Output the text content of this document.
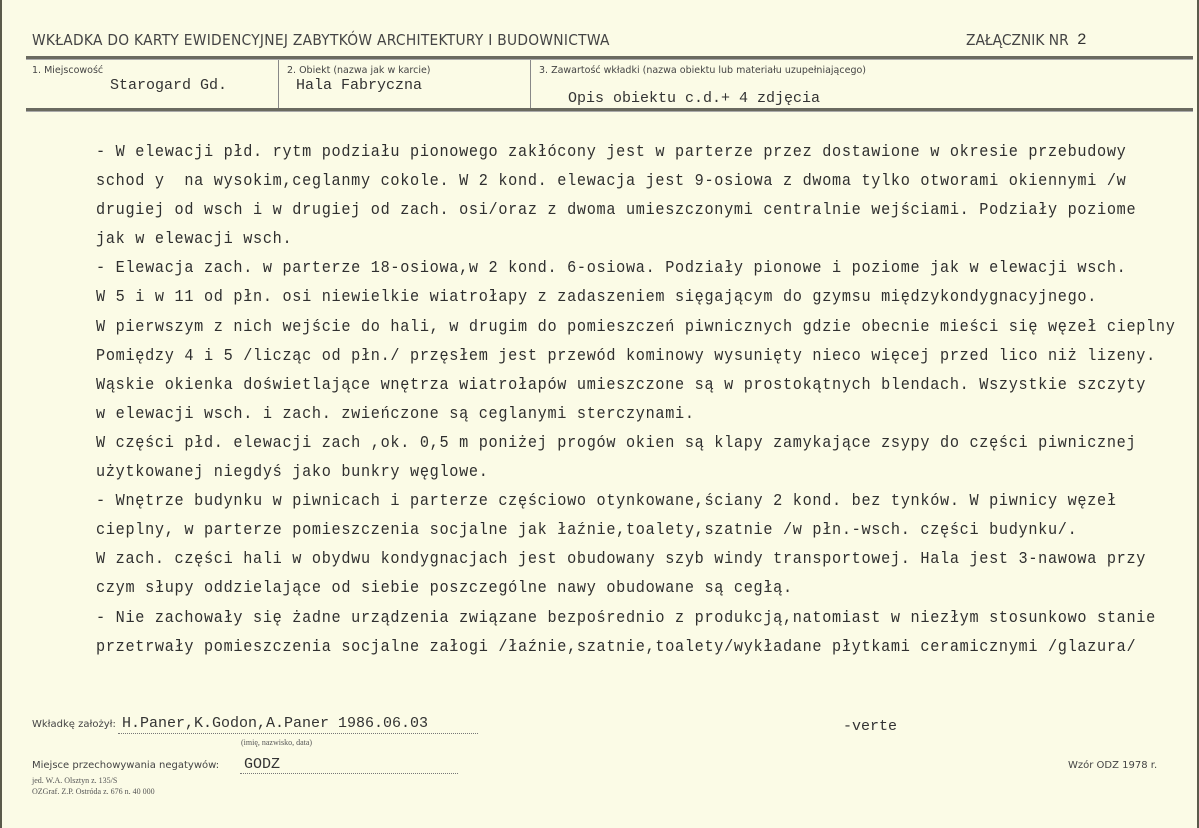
WKŁADKA DO KARTY EWIDENCYJNEJ ZABYTKÓW ARCHITEKTURY I BUDOWNICTWA	ZAŁĄCZNIK NR 2
1. Miejscowość
Starogard Gd.
2. Obiekt (nazwa jak w karcie)
Hala Fabryczna
3. Zawartość wkładki (nazwa obiektu lub materiału uzupełniającego)
Opis obiektu c.d.+ 4 zdjęcia
- W elewacji płd. rytm podziału pionowego zakłócony jest w parterze przez dostawione w okresie przebudowy
schod y  na wysokim,ceglanmy cokole. W 2 kond. elewacja jest 9-osiowa z dwoma tylko otworami okiennymi /w
drugiej od wsch i w drugiej od zach. osi/oraz z dwoma umieszczonymi centralnie wejściami. Podziały poziome
jak w elewacji wsch.
- Elewacja zach. w parterze 18-osiowa,w 2 kond. 6-osiowa. Podziały pionowe i poziome jak w elewacji wsch.
W 5 i w 11 od płn. osi niewielkie wiatrołapy z zadaszeniem sięgającym do gzymsu międzykondygnacyjnego.
W pierwszym z nich wejście do hali, w drugim do pomieszczeń piwnicznych gdzie obecnie mieści się węzeł cieplny
Pomiędzy 4 i 5 /licząc od płn./ przęsłem jest przewód kominowy wysunięty nieco więcej przed lico niż lizeny.
Wąskie okienka doświetlające wnętrza wiatrołapów umieszczone są w prostokątnych blendach. Wszystkie szczyty
w elewacji wsch. i zach. zwieńczone są ceglanymi sterczynami.
W części płd. elewacji zach ,ok. 0,5 m poniżej progów okien są klapy zamykające zsypy do części piwnicznej
użytkowanej niegdyś jako bunkry węglowe.
- Wnętrze budynku w piwnicach i parterze częściowo otynkowane,ściany 2 kond. bez tynków. W piwnicy węzeł
cieplny, w parterze pomieszczenia socjalne jak łaźnie,toalety,szatnie /w płn.-wsch. części budynku/.
W zach. części hali w obydwu kondygnacjach jest obudowany szyb windy transportowej. Hala jest 3-nawowa przy
czym słupy oddzielające od siebie poszczególne nawy obudowane są cegłą.
- Nie zachowały się żadne urządzenia związane bezpośrednio z produkcją,natomiast w niezłym stosunkowo stanie
przetrwały pomieszczenia socjalne załogi /łaźnie,szatnie,toalety/wykładane płytkami ceramicznymi /glazura/
Wkładkę założył: H.Paner,K.Godon,A.Paner 1986.06.03
(imię, nazwisko, data)
-verte
Miejsce przechowywania negatywów: GODZ	Wzór ODZ 1978 r.
jed. W.A. Olsztyn z. 135/S
OZGraf. Z.P. Ostróda z. 676 n. 40 000
